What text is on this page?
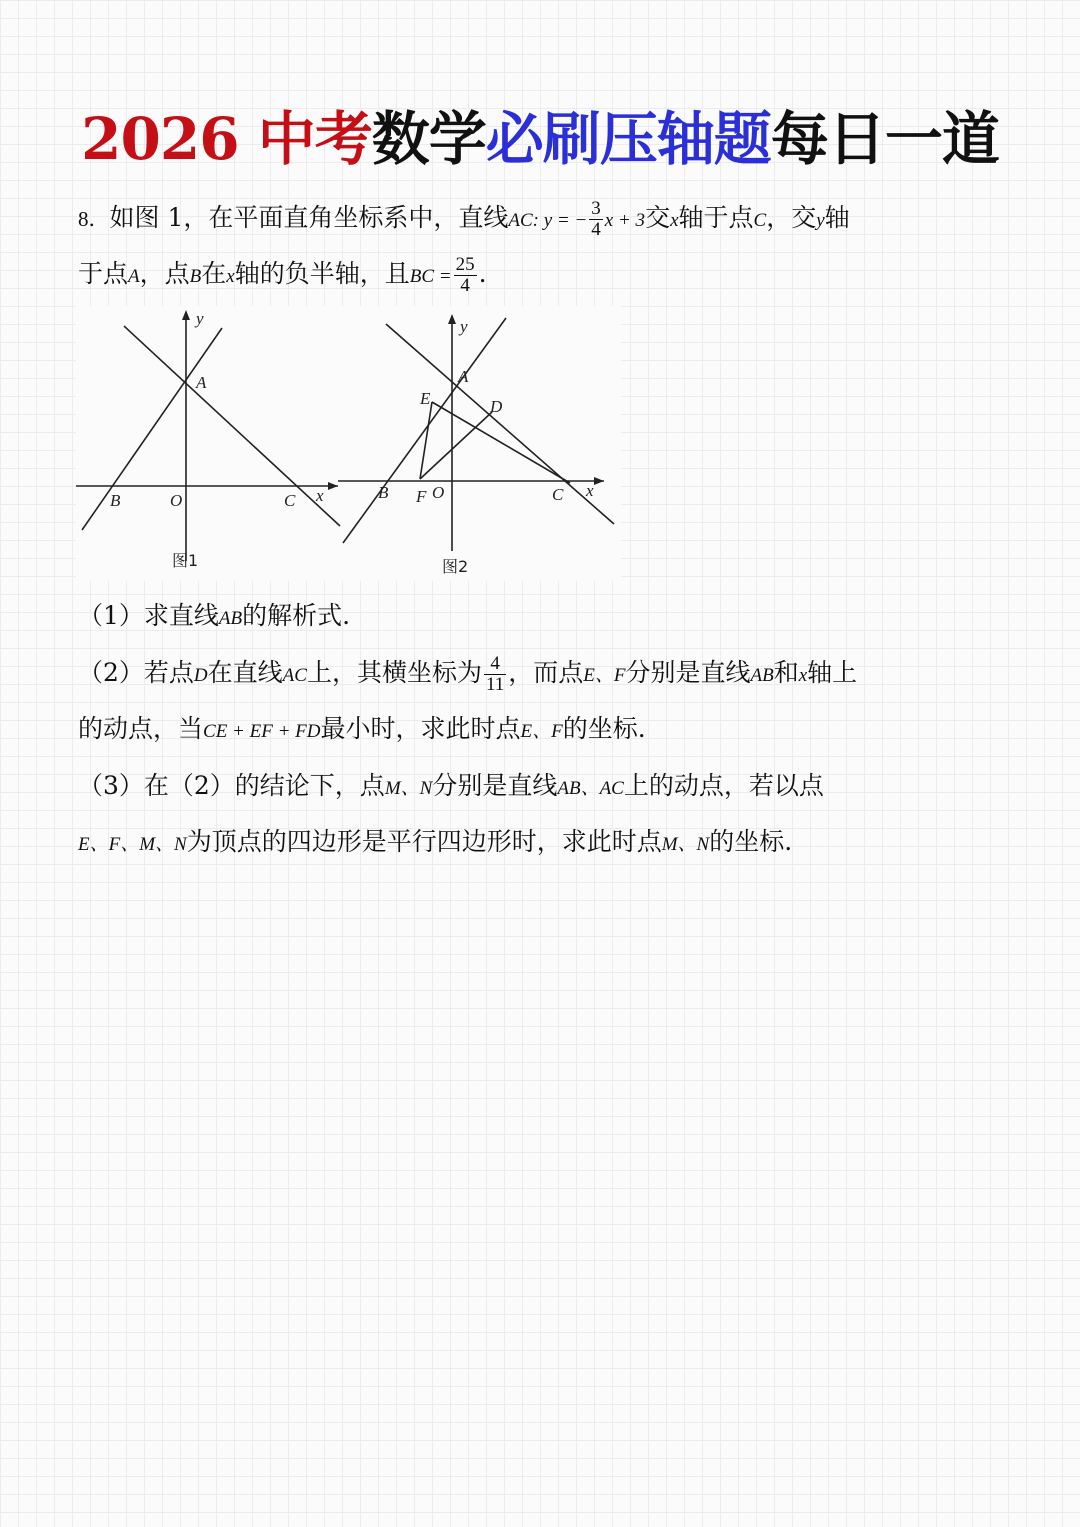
2026 中考数学必刷压轴题每日一道
8．如图 1，在平面直角坐标系中，直线AC: y = − $\frac{3}{4}$ x + 3交x轴于点C，交y轴
于点A，点B在x轴的负半轴，且BC = $\frac{25}{4}$ .
y
x
A
B	O	C
图1
y
x
A
B	O	C
D
E
F
图2
（1）求直线AB的解析式.
（2）若点D在直线AC上，其横坐标为 $\frac{4}{11}$ ，而点E、F分别是直线AB和x轴上
的动点，当CE + EF + FD最小时，求此时点E、F的坐标.
（3）在（2）的结论下，点M、N分别是直线AB、AC上的动点，若以点
E、F、M、N为顶点的四边形是平行四边形时，求此时点M、N的坐标.
